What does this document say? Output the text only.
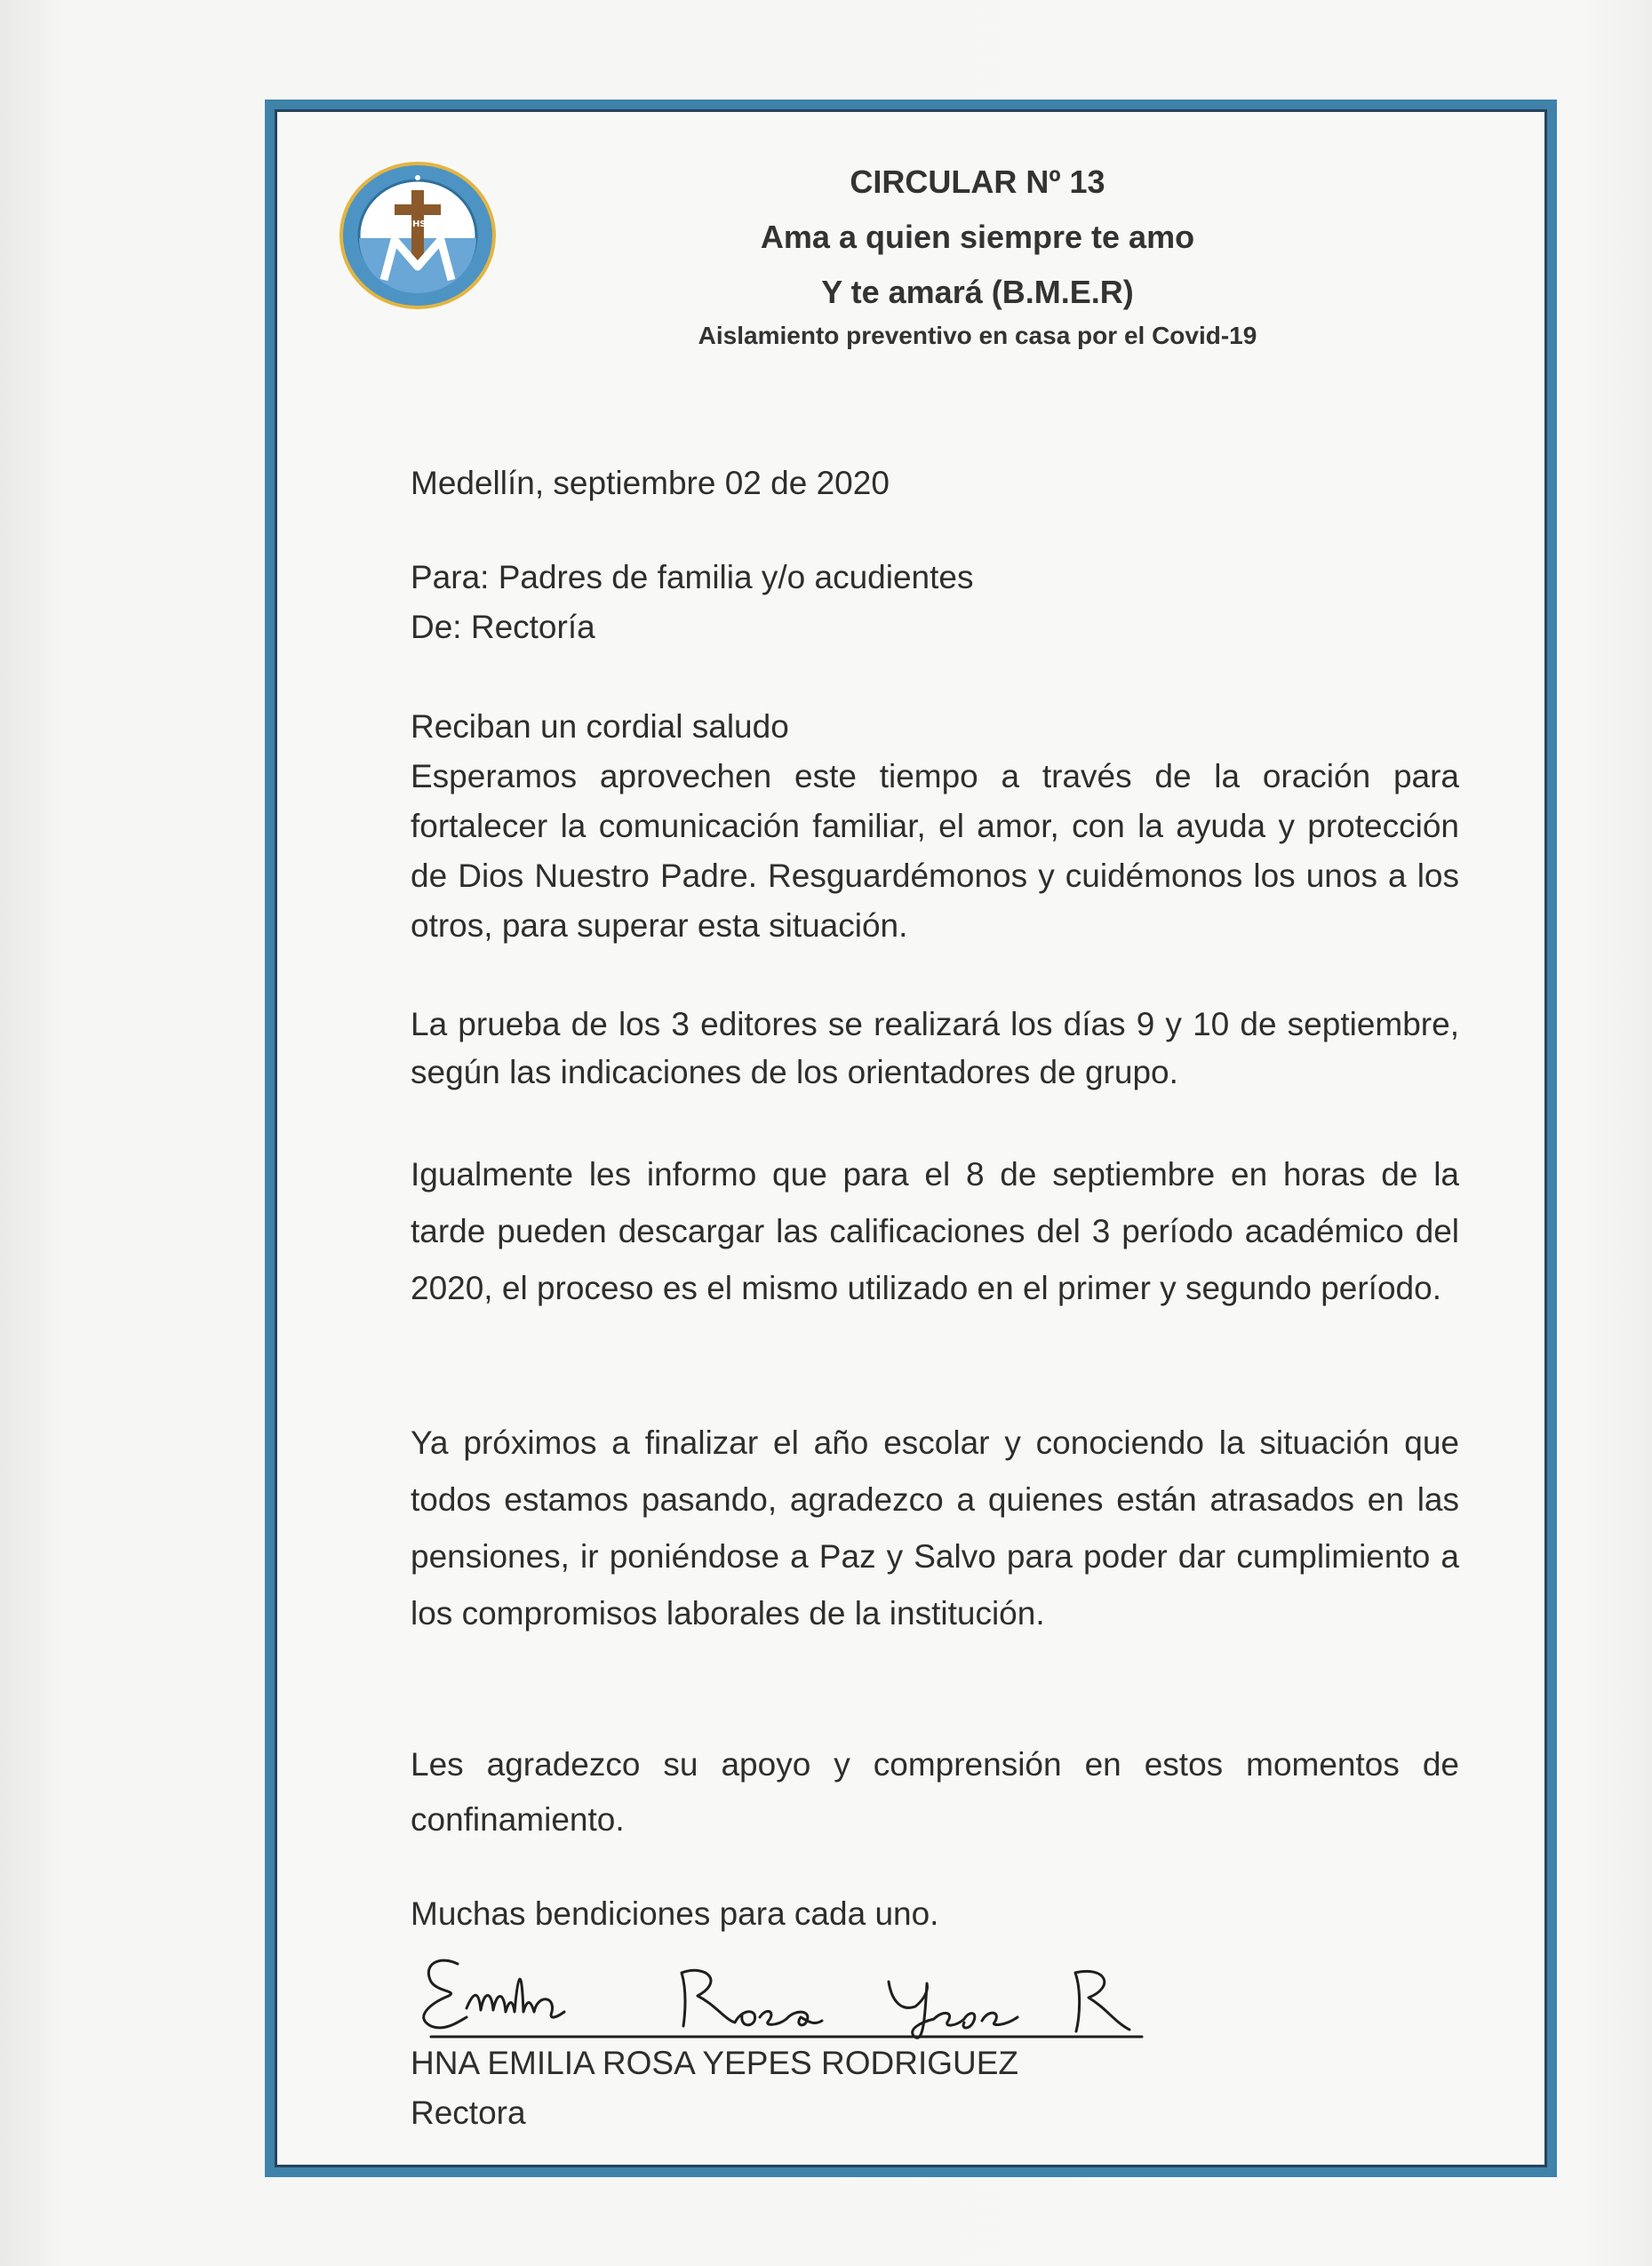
JHS
CIRCULAR Nº 13
Ama a quien siempre te amo
Y te amará (B.M.E.R)
Aislamiento preventivo en casa por el Covid-19
Medellín, septiembre 02 de 2020
Para: Padres de familia y/o acudientes
De: Rectoría
Reciban un cordial saludo
Esperamos aprovechen este tiempo a través de la oración para fortalecer la comunicación familiar, el amor, con la ayuda y protección de Dios Nuestro Padre. Resguardémonos y cuidémonos los unos a los otros, para superar esta situación.
La prueba de los 3 editores se realizará los días 9 y 10 de septiembre, según las indicaciones de los orientadores de grupo.
Igualmente les informo que para el 8 de septiembre en horas de la tarde pueden descargar las calificaciones del 3 período académico del 2020, el proceso es el mismo utilizado en el primer y segundo período.
Ya próximos a finalizar el año escolar y conociendo la situación que todos estamos pasando, agradezco a quienes están atrasados en las pensiones, ir poniéndose a Paz y Salvo para poder dar cumplimiento a los compromisos laborales de la institución.
Les agradezco su apoyo y comprensión en estos momentos de confinamiento.
Muchas bendiciones para cada uno.
HNA EMILIA ROSA YEPES RODRIGUEZ
Rectora
